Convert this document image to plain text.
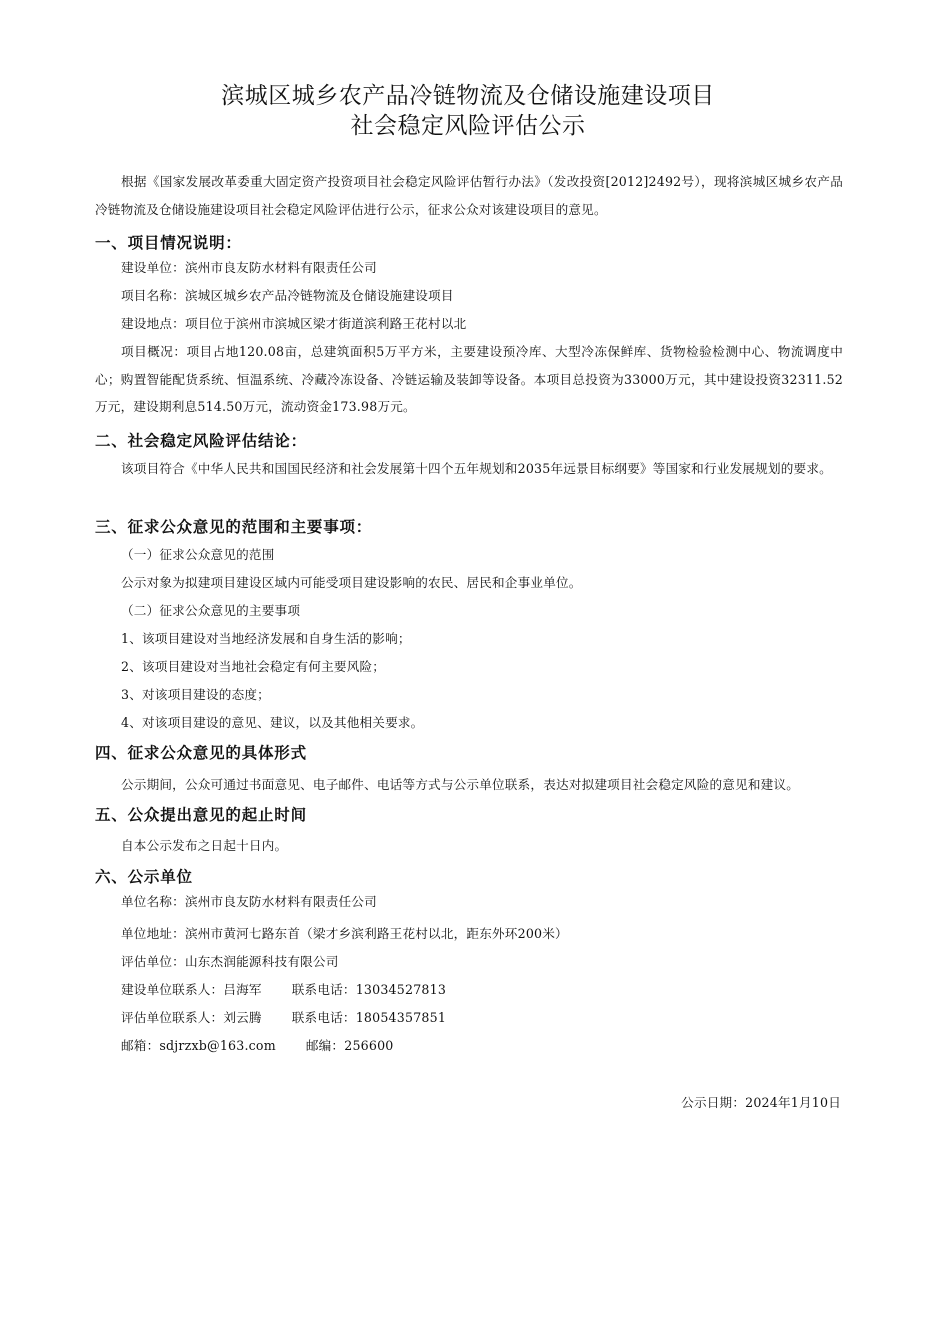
滨城区城乡农产品冷链物流及仓储设施建设项目
社会稳定风险评估公示

根据《国家发展改革委重大固定资产投资项目社会稳定风险评估暂行办法》（发改投资[2012]2492号），现将滨城区城乡农产品冷链物流及仓储设施建设项目社会稳定风险评估进行公示，征求公众对该建设项目的意见。

一、项目情况说明：
建设单位：滨州市良友防水材料有限责任公司
项目名称：滨城区城乡农产品冷链物流及仓储设施建设项目
建设地点：项目位于滨州市滨城区梁才街道滨利路王花村以北

项目概况：项目占地120.08亩，总建筑面积5万平方米，主要建设预冷库、大型冷冻保鲜库、货物检验检测中心、物流调度中心；购置智能配货系统、恒温系统、冷藏冷冻设备、冷链运输及装卸等设备。本项目总投资为33000万元，其中建设投资32311.52万元，建设期利息514.50万元，流动资金173.98万元。

二、社会稳定风险评估结论：

该项目符合《中华人民共和国国民经济和社会发展第十四个五年规划和2035年远景目标纲要》等国家和行业发展规划的要求。

三、征求公众意见的范围和主要事项：
（一）征求公众意见的范围
公示对象为拟建项目建设区域内可能受项目建设影响的农民、居民和企事业单位。
（二）征求公众意见的主要事项
1、该项目建设对当地经济发展和自身生活的影响；
2、该项目建设对当地社会稳定有何主要风险；
3、对该项目建设的态度；
4、对该项目建设的意见、建议，以及其他相关要求。
四、征求公众意见的具体形式
公示期间，公众可通过书面意见、电子邮件、电话等方式与公示单位联系，表达对拟建项目社会稳定风险的意见和建议。
五、公众提出意见的起止时间
自本公示发布之日起十日内。
六、公示单位
单位名称：滨州市良友防水材料有限责任公司
单位地址：滨州市黄河七路东首（梁才乡滨利路王花村以北，距东外环200米）
评估单位：山东杰润能源科技有限公司
建设单位联系人：吕海军 联系电话：13034527813
评估单位联系人：刘云腾 联系电话：18054357851
邮箱：sdjrzxb@163.com 邮编：256600
公示日期：2024年1月10日
